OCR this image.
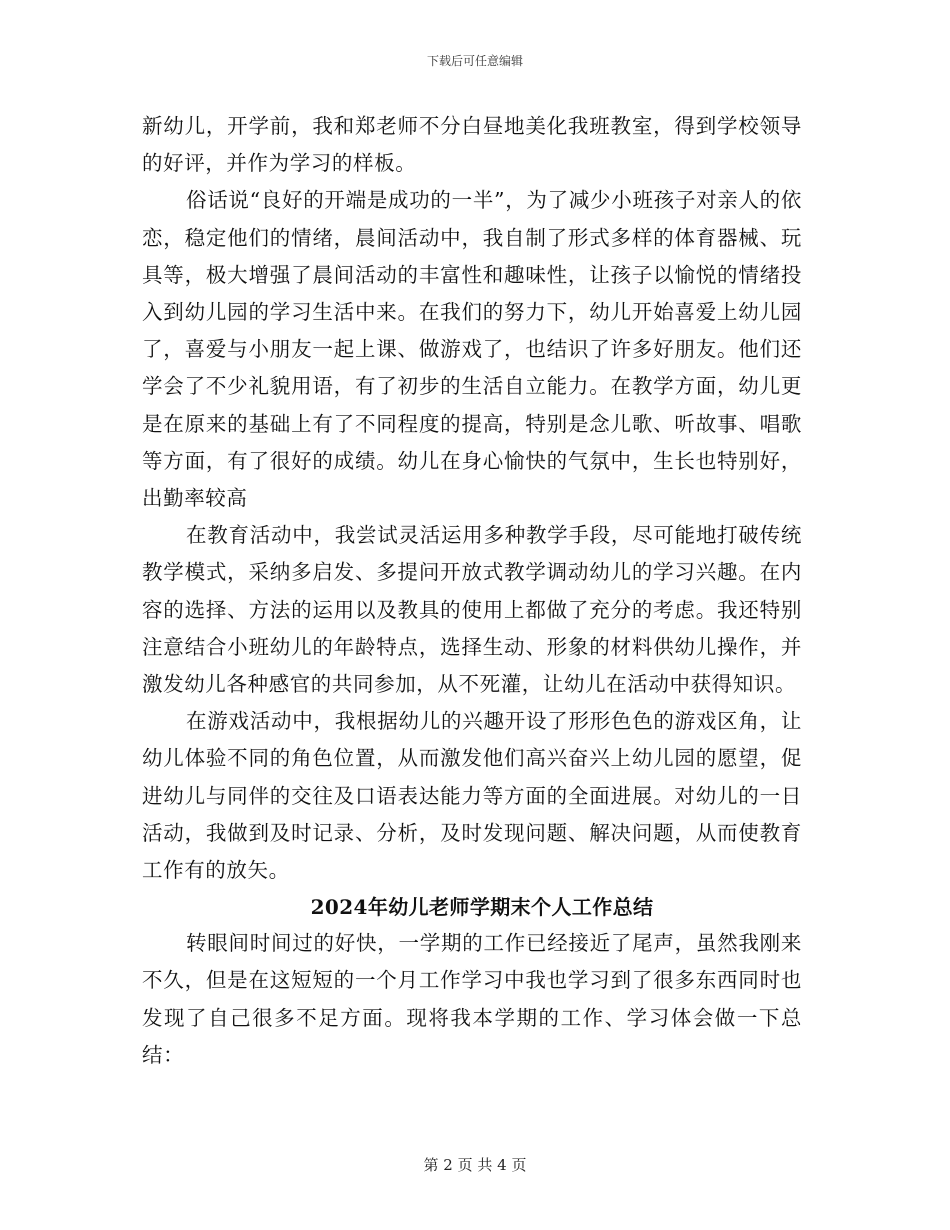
下载后可任意编辑

新幼儿，开学前，我和郑老师不分白昼地美化我班教室，得到学校领导的好评，并作为学习的样板。

俗话说“良好的开端是成功的一半”，为了减少小班孩子对亲人的依恋，稳定他们的情绪，晨间活动中，我自制了形式多样的体育器械、玩具等，极大增强了晨间活动的丰富性和趣味性，让孩子以愉悦的情绪投入到幼儿园的学习生活中来。在我们的努力下，幼儿开始喜爱上幼儿园了，喜爱与小朋友一起上课、做游戏了，也结识了许多好朋友。他们还学会了不少礼貌用语，有了初步的生活自立能力。在教学方面，幼儿更是在原来的基础上有了不同程度的提高，特别是念儿歌、听故事、唱歌等方面，有了很好的成绩。幼儿在身心愉快的气氛中，生长也特别好，出勤率较高

在教育活动中，我尝试灵活运用多种教学手段，尽可能地打破传统教学模式，采纳多启发、多提问开放式教学调动幼儿的学习兴趣。在内容的选择、方法的运用以及教具的使用上都做了充分的考虑。我还特别注意结合小班幼儿的年龄特点，选择生动、形象的材料供幼儿操作，并激发幼儿各种感官的共同参加，从不死灌，让幼儿在活动中获得知识。

在游戏活动中，我根据幼儿的兴趣开设了形形色色的游戏区角，让幼儿体验不同的角色位置，从而激发他们高兴奋兴上幼儿园的愿望，促进幼儿与同伴的交往及口语表达能力等方面的全面进展。对幼儿的一日活动，我做到及时记录、分析，及时发现问题、解决问题，从而使教育工作有的放矢。

2024年幼儿老师学期末个人工作总结

转眼间时间过的好快，一学期的工作已经接近了尾声，虽然我刚来不久，但是在这短短的一个月工作学习中我也学习到了很多东西同时也发现了自己很多不足方面。现将我本学期的工作、学习体会做一下总结：

第 2 页 共 4 页
